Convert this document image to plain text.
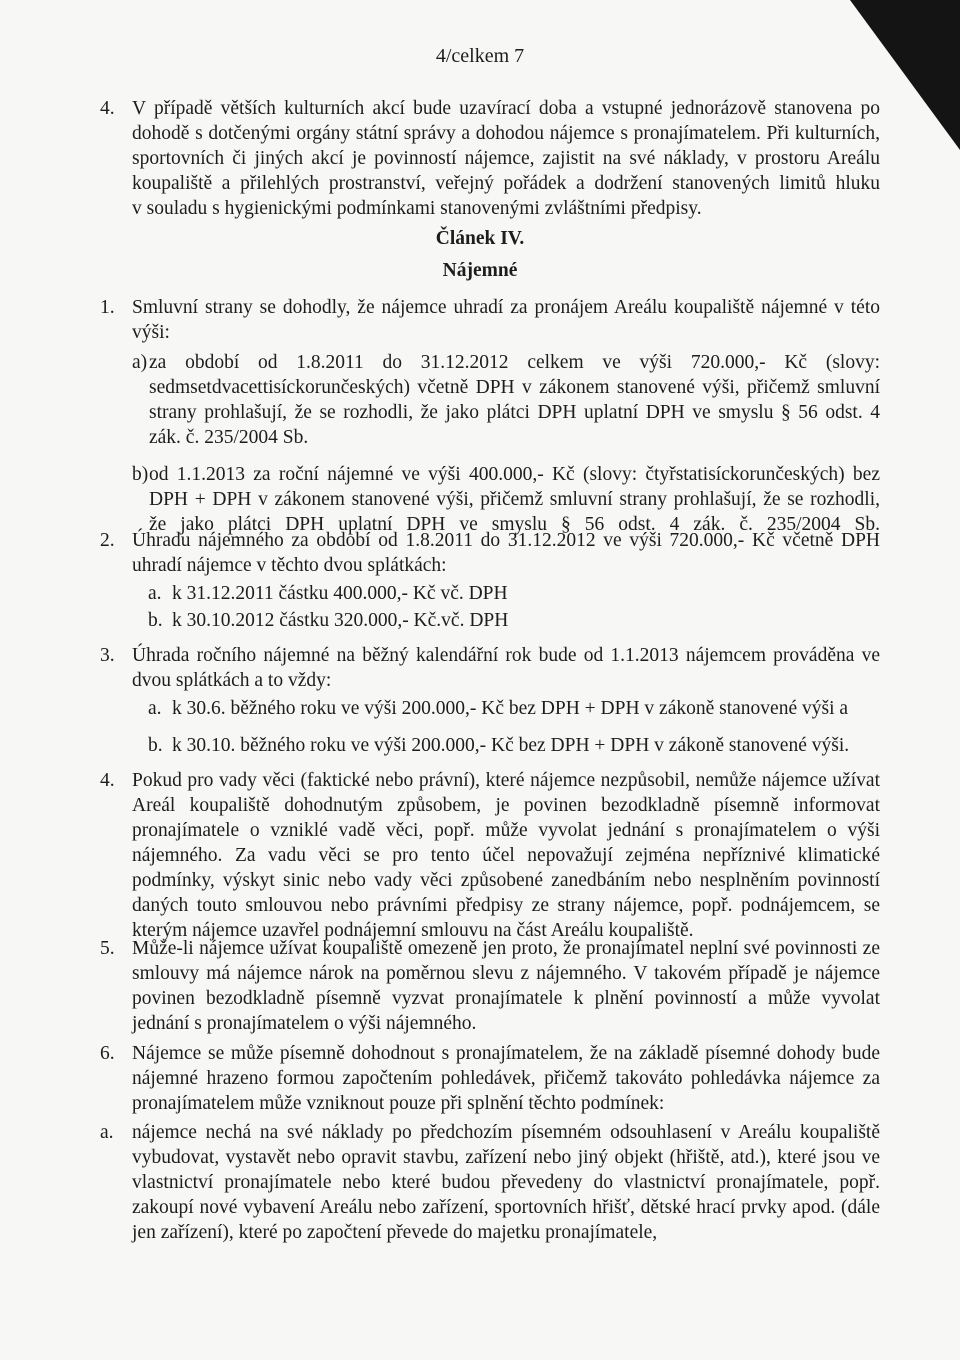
4/celkem 7
4. V případě větších kulturních akcí bude uzavírací doba a vstupné jednorázově stanovena po
dohodě s dotčenými orgány státní správy a dohodou nájemce s pronajímatelem. Při kulturních,
sportovních či jiných akcí je povinností nájemce, zajistit na své náklady, v prostoru Areálu
koupaliště a přilehlých prostranství, veřejný pořádek a dodržení stanovených limitů hluku
v souladu s hygienickými podmínkami stanovenými zvláštními předpisy.
Článek IV.
Nájemné
1. Smluvní strany se dohodly, že nájemce uhradí za pronájem Areálu koupaliště nájemné v této
výši:
a) za období od 1.8.2011 do 31.12.2012 celkem ve výši 720.000,- Kč (slovy:
sedmsetdvacettisíckorunčeských) včetně DPH v zákonem stanovené výši, přičemž smluvní
strany prohlašují, že se rozhodli, že jako plátci DPH uplatní DPH ve smyslu § 56 odst. 4
zák. č. 235/2004 Sb.
b) od 1.1.2013 za roční nájemné ve výši 400.000,- Kč (slovy: čtyřstatisíckorunčeských) bez
DPH + DPH v zákonem stanovené výši, přičemž smluvní strany prohlašují, že se rozhodli,
že jako plátci DPH uplatní DPH ve smyslu § 56 odst. 4 zák. č. 235/2004 Sb.
2. Úhradu nájemného za období od 1.8.2011 do 31.12.2012 ve výši 720.000,- Kč včetně DPH
uhradí nájemce v těchto dvou splátkách:
a. k 31.12.2011 částku 400.000,- Kč vč. DPH
b. k 30.10.2012 částku 320.000,- Kč.vč. DPH
3. Úhrada ročního nájemné na běžný kalendářní rok bude od 1.1.2013 nájemcem prováděna ve
dvou splátkách a to vždy:
a. k 30.6. běžného roku ve výši 200.000,- Kč bez DPH + DPH v zákoně stanovené výši a
b. k 30.10. běžného roku ve výši 200.000,- Kč bez DPH + DPH v zákoně stanovené výši.
4. Pokud pro vady věci (faktické nebo právní), které nájemce nezpůsobil, nemůže nájemce užívat
Areál koupaliště dohodnutým způsobem, je povinen bezodkladně písemně informovat
pronajímatele o vzniklé vadě věci, popř. může vyvolat jednání s pronajímatelem o výši
nájemného. Za vadu věci se pro tento účel nepovažují zejména nepříznivé klimatické
podmínky, výskyt sinic nebo vady věci způsobené zanedbáním nebo nesplněním povinností
daných touto smlouvou nebo právními předpisy ze strany nájemce, popř. podnájemcem, se
kterým nájemce uzavřel podnájemní smlouvu na část Areálu koupaliště.
5. Může-li nájemce užívat koupaliště omezeně jen proto, že pronajímatel neplní své povinnosti ze
smlouvy má nájemce nárok na poměrnou slevu z nájemného. V takovém případě je nájemce
povinen bezodkladně písemně vyzvat pronajímatele k plnění povinností a může vyvolat
jednání s pronajímatelem o výši nájemného.
6. Nájemce se může písemně dohodnout s pronajímatelem, že na základě písemné dohody bude
nájemné hrazeno formou započtením pohledávek, přičemž takováto pohledávka nájemce za
pronajímatelem může vzniknout pouze při splnění těchto podmínek:
a. nájemce nechá na své náklady po předchozím písemném odsouhlasení v Areálu koupaliště
vybudovat, vystavět nebo opravit stavbu, zařízení nebo jiný objekt (hřiště, atd.), které jsou ve
vlastnictví pronajímatele nebo které budou převedeny do vlastnictví pronajímatele, popř.
zakoupí nové vybavení Areálu nebo zařízení, sportovních hřišť, dětské hrací prvky apod. (dále
jen zařízení), které po započtení převede do majetku pronajímatele,
